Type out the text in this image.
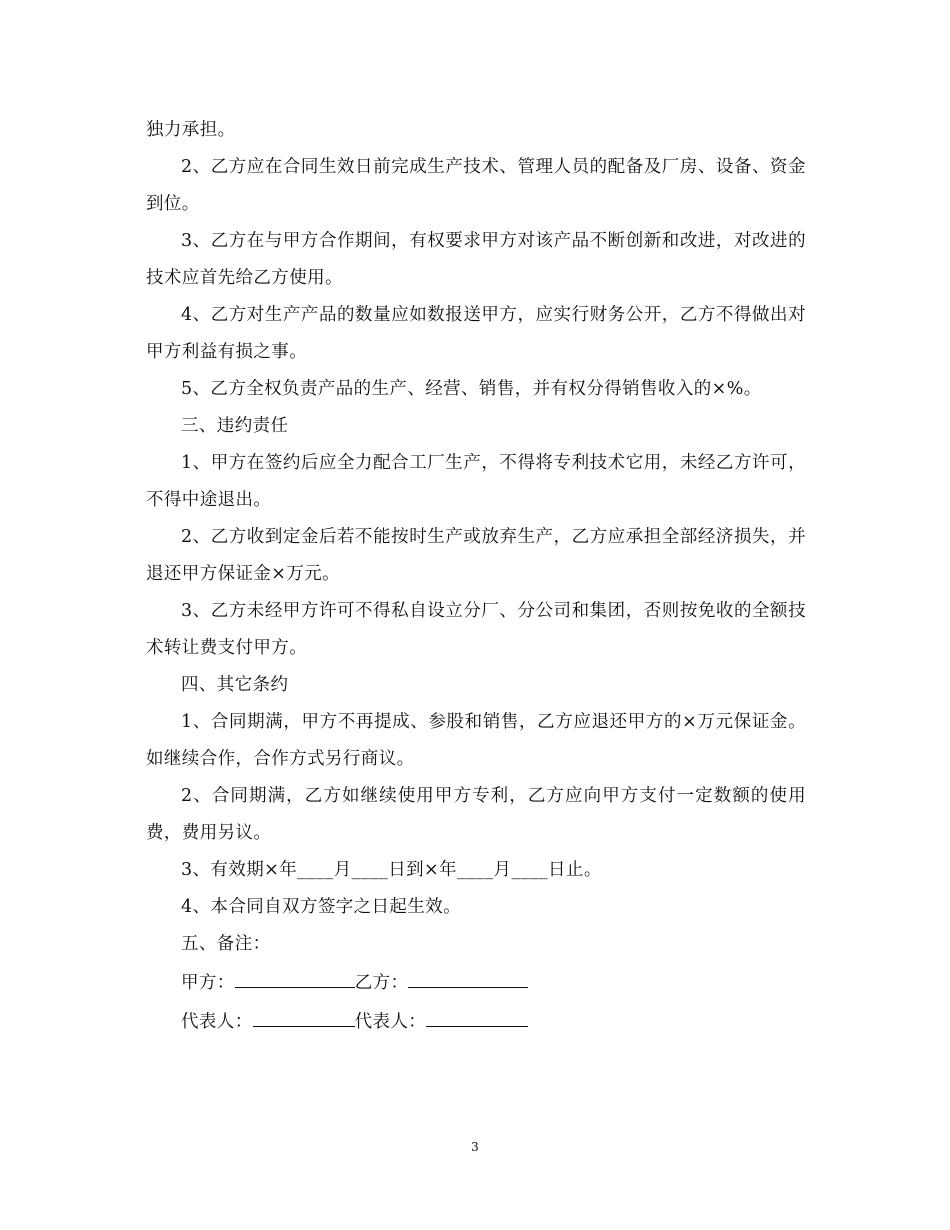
独力承担。

2、乙方应在合同生效日前完成生产技术、管理人员的配备及厂房、设备、资金到位。

3、乙方在与甲方合作期间，有权要求甲方对该产品不断创新和改进，对改进的技术应首先给乙方使用。

4、乙方对生产产品的数量应如数报送甲方，应实行财务公开，乙方不得做出对甲方利益有损之事。

5、乙方全权负责产品的生产、经营、销售，并有权分得销售收入的×%。

三、违约责任

1、甲方在签约后应全力配合工厂生产，不得将专利技术它用，未经乙方许可，不得中途退出。

2、乙方收到定金后若不能按时生产或放弃生产，乙方应承担全部经济损失，并退还甲方保证金×万元。

3、乙方未经甲方许可不得私自设立分厂、分公司和集团，否则按免收的全额技术转让费支付甲方。

四、其它条约

1、合同期满，甲方不再提成、参股和销售，乙方应退还甲方的×万元保证金。如继续合作，合作方式另行商议。

2、合同期满，乙方如继续使用甲方专利，乙方应向甲方支付一定数额的使用费，费用另议。

3、有效期×年____月____日到×年____月____日止。

4、本合同自双方签字之日起生效。

五、备注：

甲方：	乙方：

代表人：	代表人：

3
